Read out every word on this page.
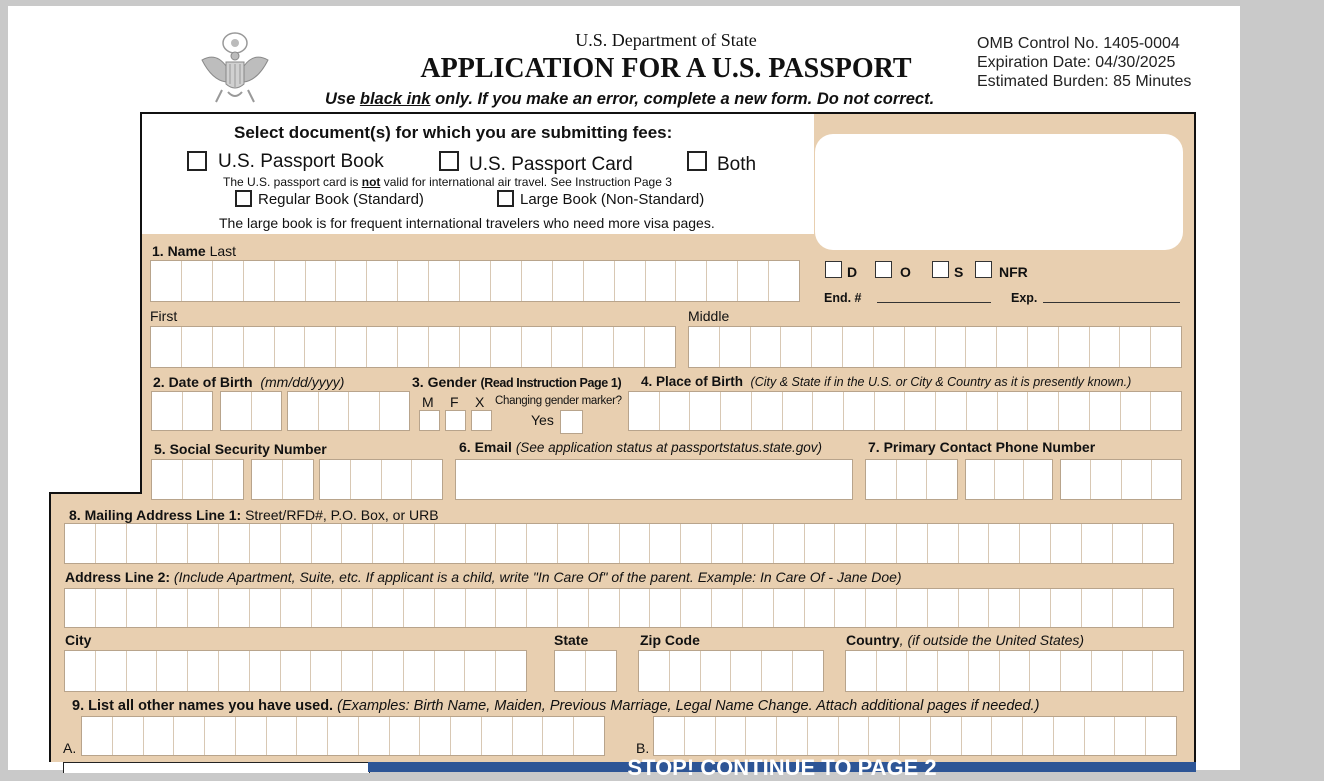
U.S. Department of State
APPLICATION FOR A U.S. PASSPORT
OMB Control No. 1405-0004
Expiration Date: 04/30/2025
Estimated Burden: 85 Minutes
Use black ink only. If you make an error, complete a new form. Do not correct.
Select document(s) for which you are submitting fees:
U.S. Passport Book	U.S. Passport Card	Both
The U.S. passport card is not valid for international air travel. See Instruction Page 3
Regular Book (Standard)	Large Book (Non-Standard)
The large book is for frequent international travelers who need more visa pages.
1. Name Last
D	O	S	NFR
End. #	Exp.
First	Middle
2. Date of Birth (mm/dd/yyyy)	3. Gender (Read Instruction Page 1)
M F X Changing gender marker?
Yes
4. Place of Birth (City & State if in the U.S. or City & Country as it is presently known.)
5. Social Security Number	6. Email (See application status at passportstatus.state.gov)	7. Primary Contact Phone Number
8. Mailing Address Line 1: Street/RFD#, P.O. Box, or URB
Address Line 2: (Include Apartment, Suite, etc. If applicant is a child, write "In Care Of" of the parent. Example: In Care Of - Jane Doe)
City	State	Zip Code	Country, (if outside the United States)
9. List all other names you have used. (Examples: Birth Name, Maiden, Previous Marriage, Legal Name Change. Attach additional pages if needed.)
A.	B.
STOP! CONTINUE TO PAGE 2
